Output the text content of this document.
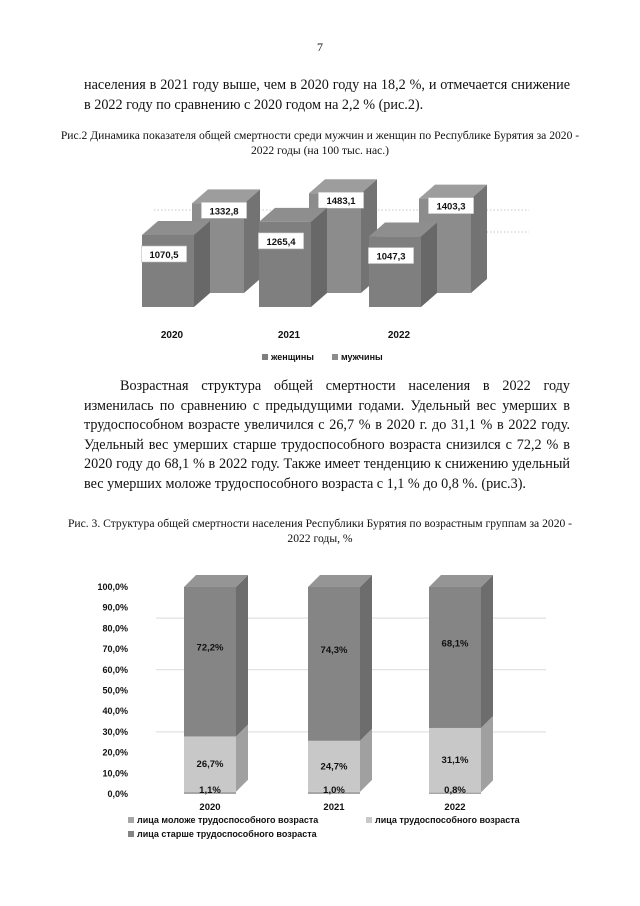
7

населения в 2021 году выше, чем в 2020 году на 18,2 %, и отмечается снижение в 2022 году по сравнению с 2020 годом на 2,2 % (рис.2).

Рис.2 Динамика показателя общей смертности среди мужчин и женщин по Республике Бурятия за 2020 - 2022 годы (на 100 тыс. нас.)

1332,8
1070,5
2020
1483,1
1265,4
2021
1403,3
1047,3
2022
женщины	мужчины

Возрастная структура общей смертности населения в 2022 году изменилась по сравнению с предыдущими годами. Удельный вес умерших в трудоспособном возрасте увеличился с 26,7 % в 2020 г. до 31,1 % в 2022 году. Удельный вес умерших старше трудоспособного возраста снизился с 72,2 % в 2020 году до 68,1 % в 2022 году. Также имеет тенденцию к снижению удельный вес умерших моложе трудоспособного возраста с 1,1 % до 0,8 %. (рис.3).

Рис. 3. Структура общей смертности населения Республики Бурятия по возрастным группам за 2020 - 2022 годы, %

0,0%
10,0%
20,0%
30,0%
40,0%
50,0%
60,0%
70,0%
80,0%
90,0%
100,0%
72,2%
26,7%
1,1%
2020
74,3%
24,7%
1,0%
2021
68,1%
31,1%
0,8%
2022
лица моложе трудоспособного возраста	лица трудоспособного возраста
лица старше трудоспособного возраста
